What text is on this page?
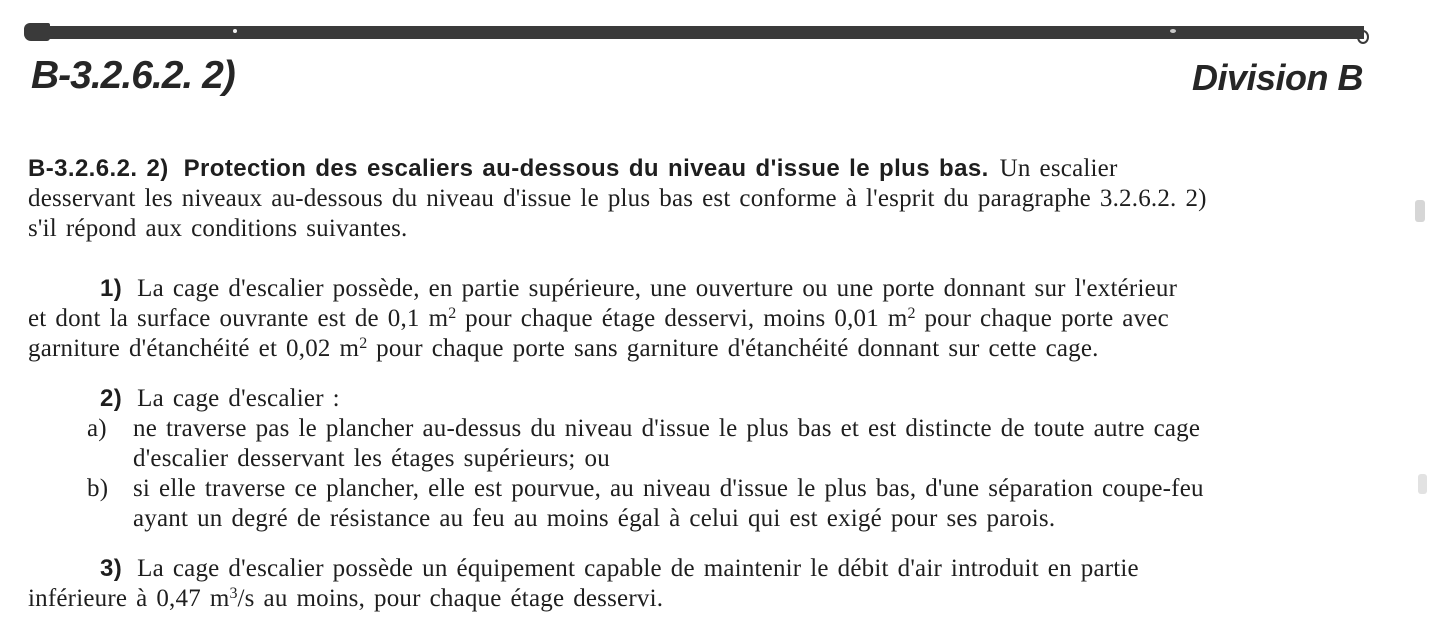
B-3.2.6.2. 2)	Division B
B-3.2.6.2. 2) Protection des escaliers au-dessous du niveau d'issue le plus bas. Un escalier
desservant les niveaux au-dessous du niveau d'issue le plus bas est conforme à l'esprit du paragraphe 3.2.6.2. 2)
s'il répond aux conditions suivantes.
1) La cage d'escalier possède, en partie supérieure, une ouverture ou une porte donnant sur l'extérieur
et dont la surface ouvrante est de 0,1 $m^2$ pour chaque étage desservi, moins 0,01 $m^2$ pour chaque porte avec
garniture d'étanchéité et 0,02 $m^2$ pour chaque porte sans garniture d'étanchéité donnant sur cette cage.
2) La cage d'escalier :
a) ne traverse pas le plancher au-dessus du niveau d'issue le plus bas et est distincte de toute autre cage
d'escalier desservant les étages supérieurs; ou
b) si elle traverse ce plancher, elle est pourvue, au niveau d'issue le plus bas, d'une séparation coupe-feu
ayant un degré de résistance au feu au moins égal à celui qui est exigé pour ses parois.
3) La cage d'escalier possède un équipement capable de maintenir le débit d'air introduit en partie
inférieure à 0,47 $m^3/s$ au moins, pour chaque étage desservi.
